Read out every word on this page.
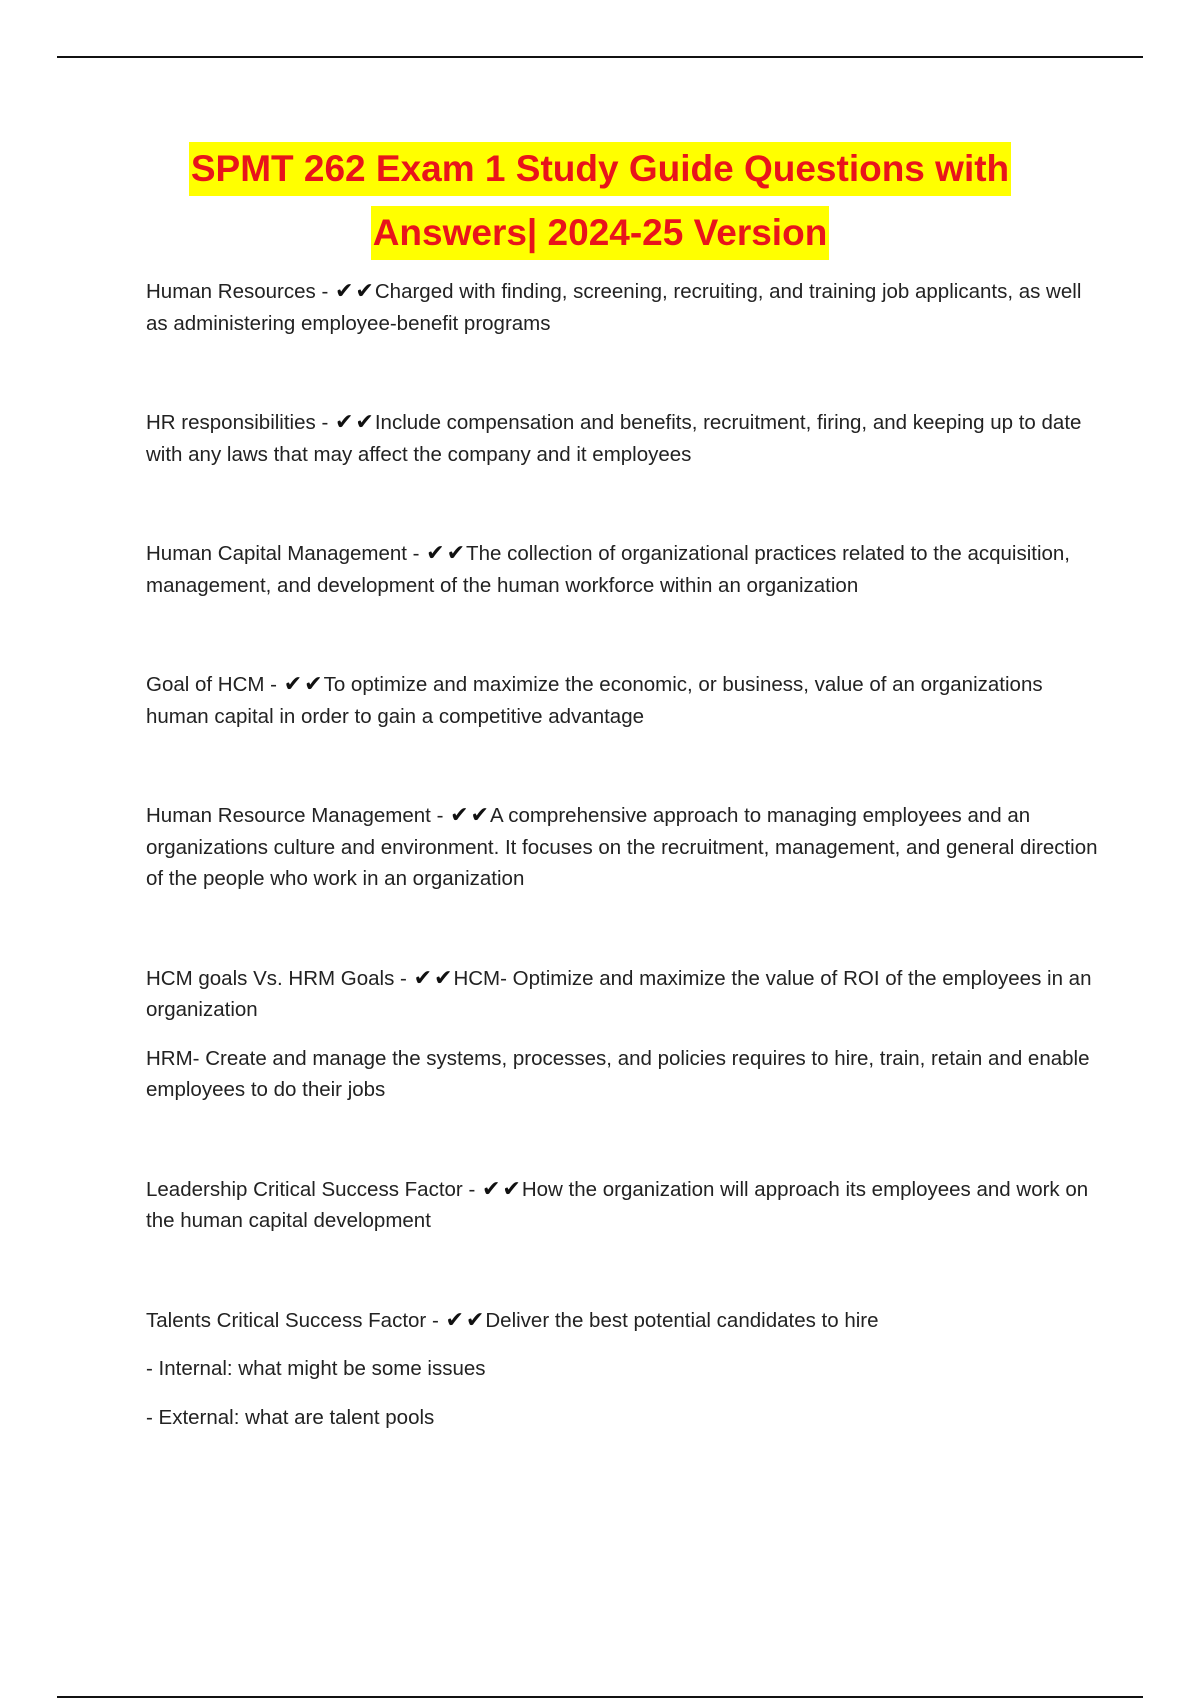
SPMT 262 Exam 1 Study Guide Questions with
Answers| 2024-25 Version

Human Resources - ✔✔Charged with finding, screening, recruiting, and training job applicants, as well as administering employee-benefit programs

HR responsibilities - ✔✔Include compensation and benefits, recruitment, firing, and keeping up to date with any laws that may affect the company and it employees

Human Capital Management - ✔✔The collection of organizational practices related to the acquisition, management, and development of the human workforce within an organization

Goal of HCM - ✔✔To optimize and maximize the economic, or business, value of an organizations human capital in order to gain a competitive advantage

Human Resource Management - ✔✔A comprehensive approach to managing employees and an organizations culture and environment. It focuses on the recruitment, management, and general direction of the people who work in an organization

HCM goals Vs. HRM Goals - ✔✔HCM- Optimize and maximize the value of ROI of the employees in an organization

HRM- Create and manage the systems, processes, and policies requires to hire, train, retain and enable employees to do their jobs

Leadership Critical Success Factor - ✔✔How the organization will approach its employees and work on the human capital development

Talents Critical Success Factor - ✔✔Deliver the best potential candidates to hire

- Internal: what might be some issues

- External: what are talent pools
